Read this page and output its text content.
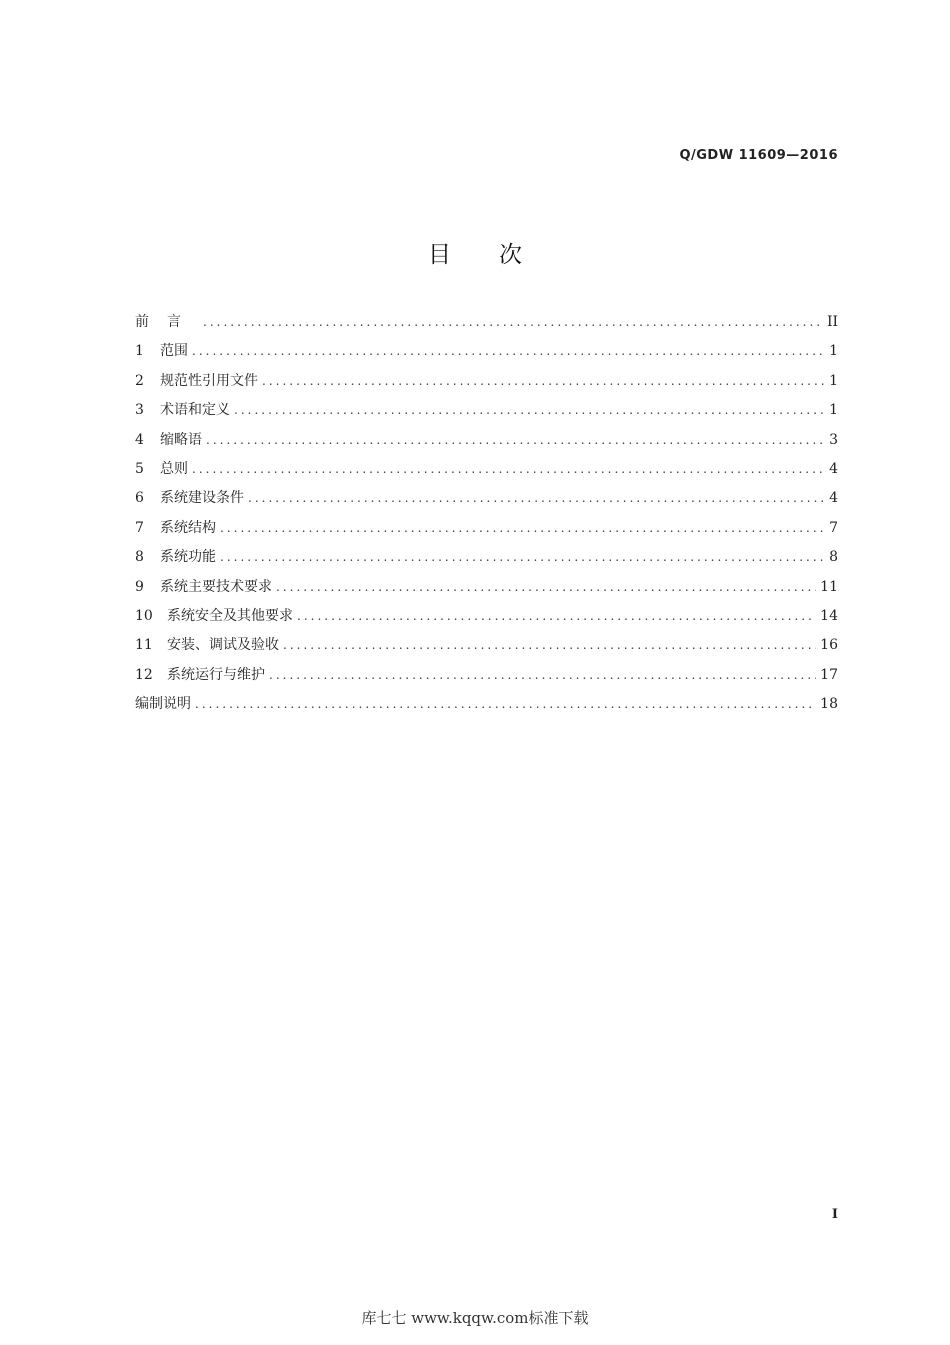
Q/GDW 11609—2016
目 次
前言 .....	II
1	范围 .....	1
2	规范性引用文件 .....	1
3	术语和定义 .....	1
4	缩略语 .....	3
5	总则 .....	4
6	系统建设条件 .....	4
7	系统结构 .....	7
8	系统功能 .....	8
9	系统主要技术要求 .....	11
10	系统安全及其他要求 .....	14
11	安装、调试及验收 .....	16
12	系统运行与维护 .....	17
编制说明 .....	18
I
库七七 www.kqqw.com标准下载
